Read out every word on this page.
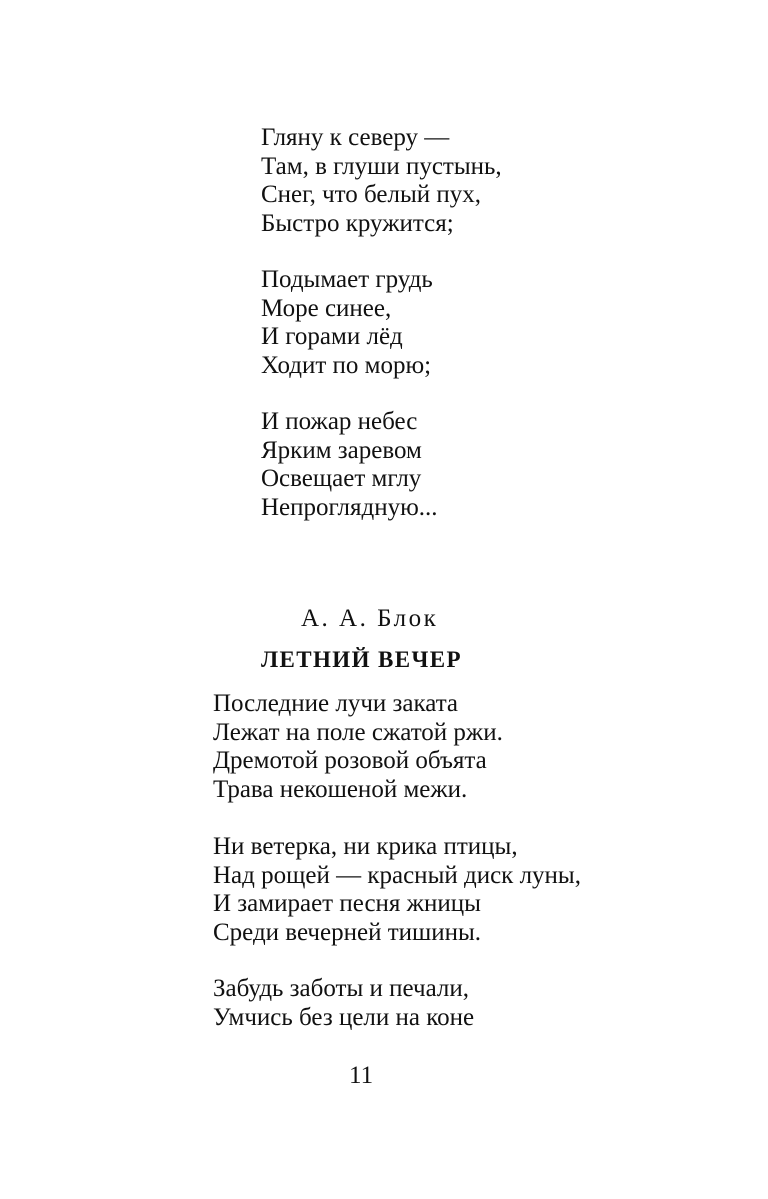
Гляну к северу —
Там, в глуши пустынь,
Снег, что белый пух,
Быстро кружится;
Подымает грудь
Море синее,
И горами лёд
Ходит по морю;
И пожар небес
Ярким заревом
Освещает мглу
Непроглядную...
А. А. Блок
ЛЕТНИЙ ВЕЧЕР
Последние лучи заката
Лежат на поле сжатой ржи.
Дремотой розовой объята
Трава некошеной межи.
Ни ветерка, ни крика птицы,
Над рощей — красный диск луны,
И замирает песня жницы
Среди вечерней тишины.
Забудь заботы и печали,
Умчись без цели на коне
11
